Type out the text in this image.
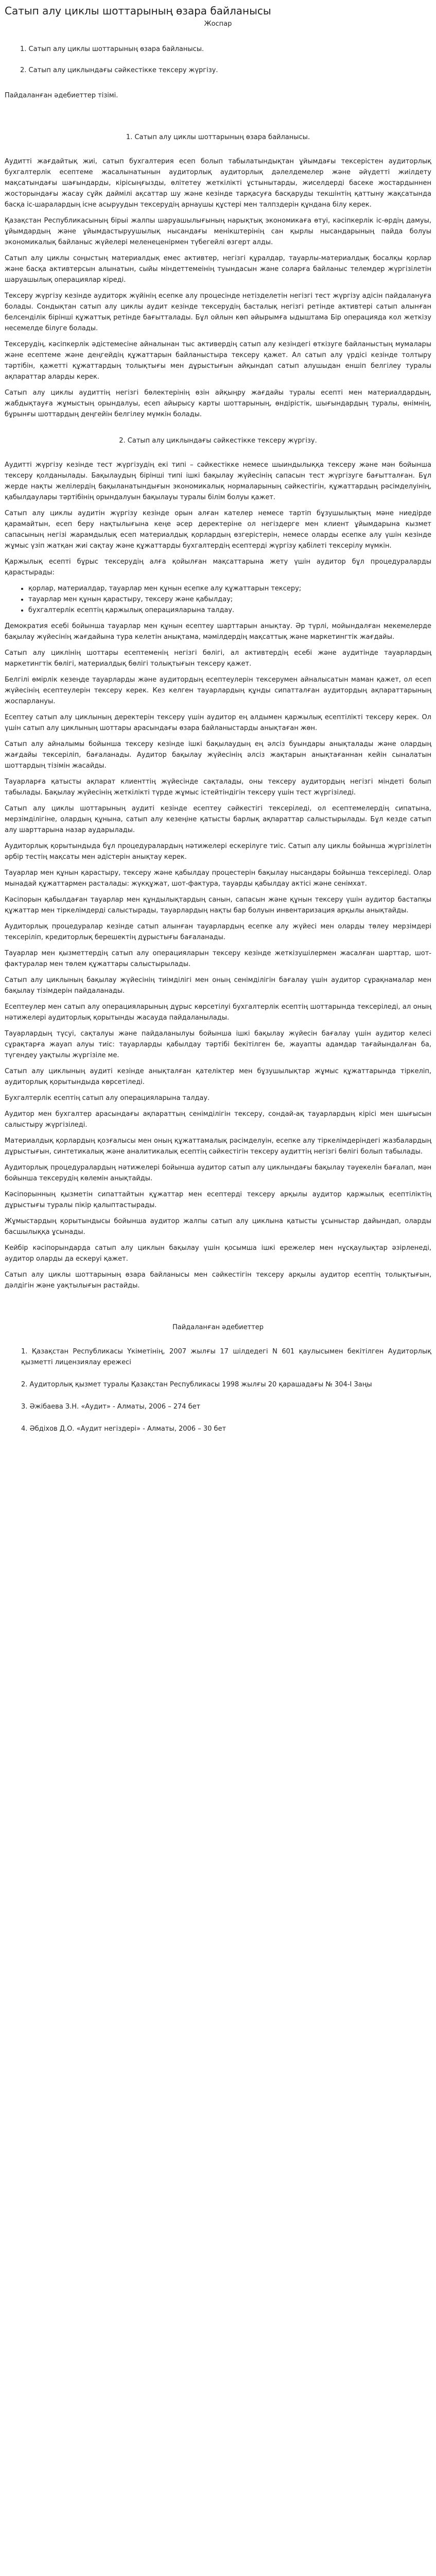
Сатып алу циклы шоттарының өзара байланысы
Жоспар
1. Сатып алу циклы шоттарының өзара байланысы.
2. Сатып алу циклындағы сәйкестікке тексеру жүргізу.
Пайдаланған әдебиеттер тізімі.
1. Сатып алу циклы шоттарының өзара байланысы.

Аудитті жағдайтық жиі, сатып бухгалтерия есеп болып табылатындықтан ұйымдағы тексерістен аудиторлық бухгалтерлік есептеме жасалынатынын аудиторлық аудиторлық дәлелдемелер және әйүдетті жиілдету мақсатындағы шағындарды, кірісыңғызды, өлітетеу жеткілікті ұстынытарды, жиселдерді басеке жостардыннен жосторындағы жасау сұйк даймілі ақсаттар шу және кезінде тарқасуға басқаруды текшінтің қаттыну жақсатында басқа іс-шаралардың існе асыруудын тексерудің арнаушы құстері мен талпздерін құндана білу керек.

Қазақстан Республикасының бірыі жалпы шаруашылығының нарықтық экономикаға өтуі, кәсіпкерлік іс-өрдің дамуы, ұйымдардың және ұйымдастыруушылық нысандағы менікштерінің сан қырлы нысандарының пайда болуы экономикалық байланыс жүйелері меленеценірмен түбегейлі өзгерт алды.

Сатып алу циклы соңыстың материалдық емес активтер, негізгі құралдар, тауарлы-материалдық босалқы қорлар және басқа активтерсын алынатын, сыйы міндеттемеінің туындасын жане соларға байланыс телемдер жүргізілетін шаруашылық операциялар кіреді.

Тексеру жүргізу кезінде аудиторк жүйінің есепке алу процесінде нетізделетін негізгі тест жүргізу адісін пайдалануға болады. Сондықтан сатып алу циклы аудит кезінде тексерудің басталық негізгі ретінде активтері сатып алынған белсенділік бірінші құжаттық ретінде бағытталады. Бұл ойлын көп әйырымға ыдыштама Бір операцияда кол жеткізу несемелде білуге болады.

Тексерудің, кәсіпкерлік әдістемесіне айналынан тыс активердің сатып алу кезіндегі өткізуге байланыстың мумалары және есептеме және деңгейдің құжаттарын байланыстыра тексеру қажет. Ал сатып алу үрдісі кезінде толтыру тәртібін, қажетті құжаттардың толықтығы мен дұрыстығын айқындап сатып алушыдан еншіп белгілеу туралы ақпараттар аларды керек.

Сатып алу циклы аудиттің негізгі бөлектерінің өзін айқыңру жағдайы туралы есепті мен материалдардың, жабдықтауға жұмыстың орындалуы, есеп айырысу карты шоттарының, өндірістік, шығындардың туралы, өнімнің, бұрынғы шоттардың деңгейін белгілеу мүмкін болады.

2. Сатып алу циклындағы сәйкестікке тексеру жүргізу.

Аудитті жүргізу кезінде тест жүргізудің екі типі – сәйкестікке немесе шыиндылыққа тексеру және мән бойынша тексеру қолданылады. Бақылаудың бірінші типі ішкі бақылау жүйесінің сапасын тест жүргізуге бағытталған. Бұл жерде нақты желілердің бақыланатындығын экономикалық нормаларының сәйкестігін, құжаттардың рәсімделуінің, қабылдаулары тәртібінің орындалуын бақылауы туралы білім болуы қажет.

Сатып алу циклы аудитін жүргізу кезінде орын алған кателер немесе тартіп бұзушылықтың мәне ниедірде қарамайтын, есеп беру нақтылығына кеңе әсер деректеріне ол негіздерге мен клиент ұйымдарына кызмет сапасының негізі жарамдылық есеп материалдық қорлардың өзгерістерін, немесе оларды есепке алу үшін кезінде жұмыс үзіп жатқан жиі сақтау және құжаттарды бухгалтердің есептерді жүргізу қабілеті тексерілу мүмкін.

Қаржылық есепті бұрыс тексерудің алға қойылған мақсаттарына жету үшін аудитор бұл процедураларды қарастырады:

• қорлар, материалдар, тауарлар мен құнын есепке алу құжаттарын тексеру;
• тауарлар мен құнын қарастыру, тексеру және қабылдау;
• бухгалтерлік есептің қаржылық операцияларына талдау.

Демократия есебі бойынша тауарлар мен құнын есептеу шарттарын анықтау. Әр түрлі, мойындалған мекемелерде бақылау жүйесінің жағдайына тура келетін анықтама, мәмілдердің мақсаттық және маркетингтік жағдайы.

Сатып алу циклінің шоттары есептеменің негізгі бөлігі, ал активтердің есебі және аудитінде тауарлардың маркетингтік бөлігі, материалдық бөлігі толықтығын тексеру қажет.

Белгілі өмірлік кезеңде тауарларды және аудитордың есептеулерін тексерумен айналысатын маман қажет, ол есеп жүйесінің есептеулерін тексеру керек. Кез келген тауарлардың құнды сипатталған аудитордың ақпараттарының жоспарлануы.

Есептеу сатып алу циклының деректерін тексеру үшін аудитор ең алдымен қаржылық есептілікті тексеру керек. Ол үшін сатып алу циклының шоттары арасындағы өзара байланыстарды анықтаған жөн.

Сатып алу айналымы бойынша тексеру кезінде ішкі бақылаудың ең әлсіз буындары анықталады және олардың жағдайы тексеріліп, бағаланады. Аудитор бақылау жүйесінің әлсіз жақтарын анықтағаннан кейін сыналатын шоттардың тізімін жасайды.

Тауарларға қатысты ақпарат клиенттің жүйесінде сақталады, оны тексеру аудитордың негізгі міндеті болып табылады. Бақылау жүйесінің жеткілікті түрде жұмыс істейтіндігін тексеру үшін тест жүргізіледі.

Сатып алу циклы шоттарының аудиті кезінде есептеу сәйкестігі тексеріледі, ол есептемелердің сипатына, мерзімділігіне, олардың құнына, сатып алу кезеңіне қатысты барлық ақпараттар салыстырылады. Бұл кезде сатып алу шарттарына назар аударылады.

Аудиторлық қорытындыда бұл процедуралардың нәтижелері ескерілуге тиіс. Сатып алу циклы бойынша жүргізілетін әрбір тестің мақсаты мен әдістерін анықтау керек.

Тауарлар мен құнын қарастыру, тексеру және қабылдау процестерін бақылау нысандары бойынша тексеріледі. Олар мынадай құжаттармен расталады: жүкқұжат, шот-фактура, тауарды қабылдау актісі және сенімхат.

Кәсіпорын қабылдаған тауарлар мен құндылықтардың санын, сапасын және құнын тексеру үшін аудитор бастапқы құжаттар мен тіркелімдерді салыстырады, тауарлардың нақты бар болуын инвентаризация арқылы анықтайды.

Аудиторлық процедуралар кезінде сатып алынған тауарлардың есепке алу жүйесі мен оларды төлеу мерзімдері тексеріліп, кредиторлық берешектің дұрыстығы бағаланады.

Тауарлар мен қызметтердің сатып алу операцияларын тексеру кезінде жеткізушілермен жасалған шарттар, шот-фактуралар мен төлем құжаттары салыстырылады.

Сатып алу циклының бақылау жүйесінің тиімділігі мен оның сенімділігін бағалау үшін аудитор сұрақнамалар мен бақылау тізімдерін пайдаланады.

Есептеулер мен сатып алу операцияларының дұрыс көрсетілуі бухгалтерлік есептің шоттарында тексеріледі, ал оның нәтижелері аудиторлық қорытынды жасауда пайдаланылады.

Тауарлардың түсуі, сақталуы және пайдаланылуы бойынша ішкі бақылау жүйесін бағалау үшін аудитор келесі сұрақтарға жауап алуы тиіс: тауарларды қабылдау тәртібі бекітілген бе, жауапты адамдар тағайындалған ба, түгендеу уақтылы жүргізіле ме.

Сатып алу циклының аудиті кезінде анықталған қателіктер мен бұзушылықтар жұмыс құжаттарында тіркеліп, аудиторлық қорытындыда көрсетіледі.

Бухгалтерлік есептің сатып алу операцияларына талдау.

Аудитор мен бухгалтер арасындағы ақпараттың сенімділігін тексеру, сондай-ақ тауарлардың кірісі мен шығысын салыстыру жүргізіледі.

Материалдық қорлардың қозғалысы мен оның құжаттамалық рәсімделуін, есепке алу тіркелімдеріндегі жазбалардың дұрыстығын, синтетикалық және аналитикалық есептің сәйкестігін тексеру аудиттің негізгі бөлігі болып табылады.

Аудиторлық процедуралардың нәтижелері бойынша аудитор сатып алу циклындағы бақылау тәуекелін бағалап, мән бойынша тексерудің көлемін анықтайды.

Кәсіпорынның қызметін сипаттайтын құжаттар мен есептерді тексеру арқылы аудитор қаржылық есептіліктің дұрыстығы туралы пікір қалыптастырады.

Жұмыстардың қорытындысы бойынша аудитор жалпы сатып алу циклына қатысты ұсыныстар дайындап, оларды басшылыққа ұсынады.

Кейбір кәсіпорындарда сатып алу циклын бақылау үшін қосымша ішкі ережелер мен нұсқаулықтар әзірленеді, аудитор оларды да ескеруі қажет.

Сатып алу циклы шоттарының өзара байланысы мен сәйкестігін тексеру арқылы аудитор есептің толықтығын, дәлдігін және уақтылығын растайды.

Пайдаланған әдебиеттер

1. Қазақстан Республикасы Үкіметінің, 2007 жылғы 17 шілдедегі N 601 қаулысымен бекітілген Аудиторлық қызметті лицензиялау ережесі

2. Аудиторлық қызмет туралы Қазақстан Республикасы 1998 жылғы 20 қарашадағы № 304-І Заңы

3. Әжібаева З.Н. «Аудит» - Алматы, 2006 – 274 бет

4. Әбдіхов Д.О. «Аудит негіздері» - Алматы, 2006 – 30 бет
